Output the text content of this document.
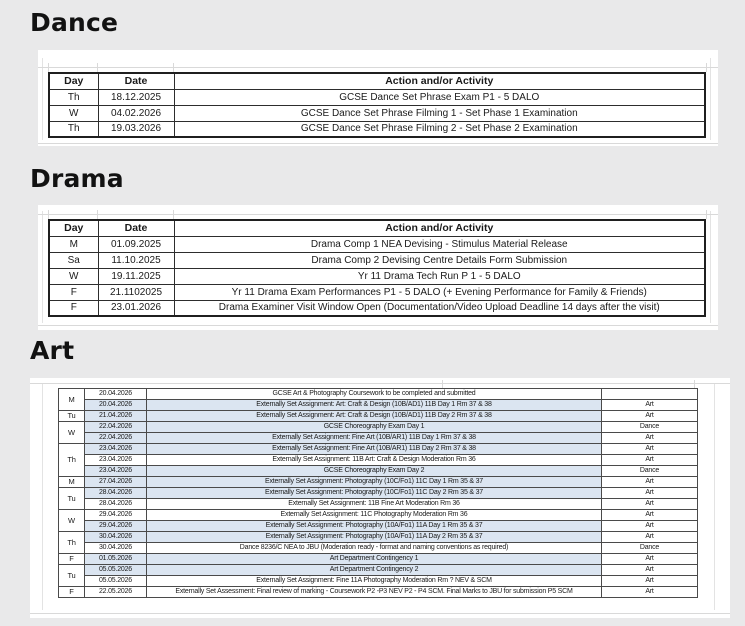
Dance
Day	Date	Action and/or Activity
Th	18.12.2025	GCSE Dance Set Phrase Exam P1 - 5 DALO

W	04.02.2026	GCSE Dance Set Phrase Filming 1 - Set Phase 1 Examination

Th	19.03.2026	GCSE Dance Set Phrase Filming 2 - Set Phase 2 Examination
Drama
Day	Date	Action and/or Activity
M	01.09.2025	Drama Comp 1 NEA Devising - Stimulus Material Release

Sa	11.10.2025	Drama Comp 2 Devising Centre Details Form Submission

W	19.11.2025	Yr 11 Drama Tech Run P 1 - 5 DALO

F	21.1102025	Yr 11 Drama Exam Performances P1 - 5 DALO (+ Evening Performance for Family & Friends)

F	23.01.2026	Drama Examiner Visit Window Open (Documentation/Video Upload Deadline 14 days after the visit)
Art
M	20.04.2026	GCSE Art & Photography Coursework to be completed and submitted	

	20.04.2026	Externally Set Assignment: Art: Craft & Design (10B/AD1) 11B Day 1 Rm 37 & 38	Art
Tu	21.04.2026	Externally Set Assignment: Art: Craft & Design (10B/AD1) 11B Day 2 Rm 37 & 38	Art
W	22.04.2026	GCSE Choreography Exam Day 1	Dance
	22.04.2026	Externally Set Assignment: Fine Art (10B/AR1) 11B Day 1 Rm 37 & 38	Art
Th	23.04.2026	Externally Set Assignment: Fine Art (10B/AR1) 11B Day 2 Rm 37 & 38	Art
	23.04.2026	Externally Set Assignment: 11B Art: Craft & Design Moderation Rm 36	Art
	23.04.2026	GCSE Choreography Exam Day 2	Dance
M	27.04.2026	Externally Set Assignment: Photography (10C/Fo1) 11C Day 1 Rm 35 & 37	Art
Tu	28.04.2026	Externally Set Assignment: Photography (10C/Fo1) 11C Day 2 Rm 35 & 37	Art
	28.04.2026	Externally Set Assignment: 11B Fine Art Moderation Rm 36	Art
W	29.04.2026	Externally Set Assignment: 11C Photography Moderation Rm 36	Art
	29.04.2026	Externally Set Assignment: Photography (10A/Fo1) 11A Day 1 Rm 35 & 37	Art
Th	30.04.2026	Externally Set Assignment: Photography (10A/Fo1) 11A Day 2 Rm 35 & 37	Art
	30.04.2026	Dance 8236/C NEA to JBU (Moderation ready - format and naming conventions as required)	Dance
F	01.05.2026	Art Department Contingency 1	Art
Tu	05.05.2026	Art Department Contingency 2	Art
	05.05.2026	Externally Set Assignment: Fine 11A Photography Moderation Rm ? NEV & SCM	Art
F	22.05.2026	Externally Set Assessment: Final review of marking - Coursework P2 -P3 NEV P2 - P4 SCM. Final Marks to JBU for submission P5 SCM	Art
